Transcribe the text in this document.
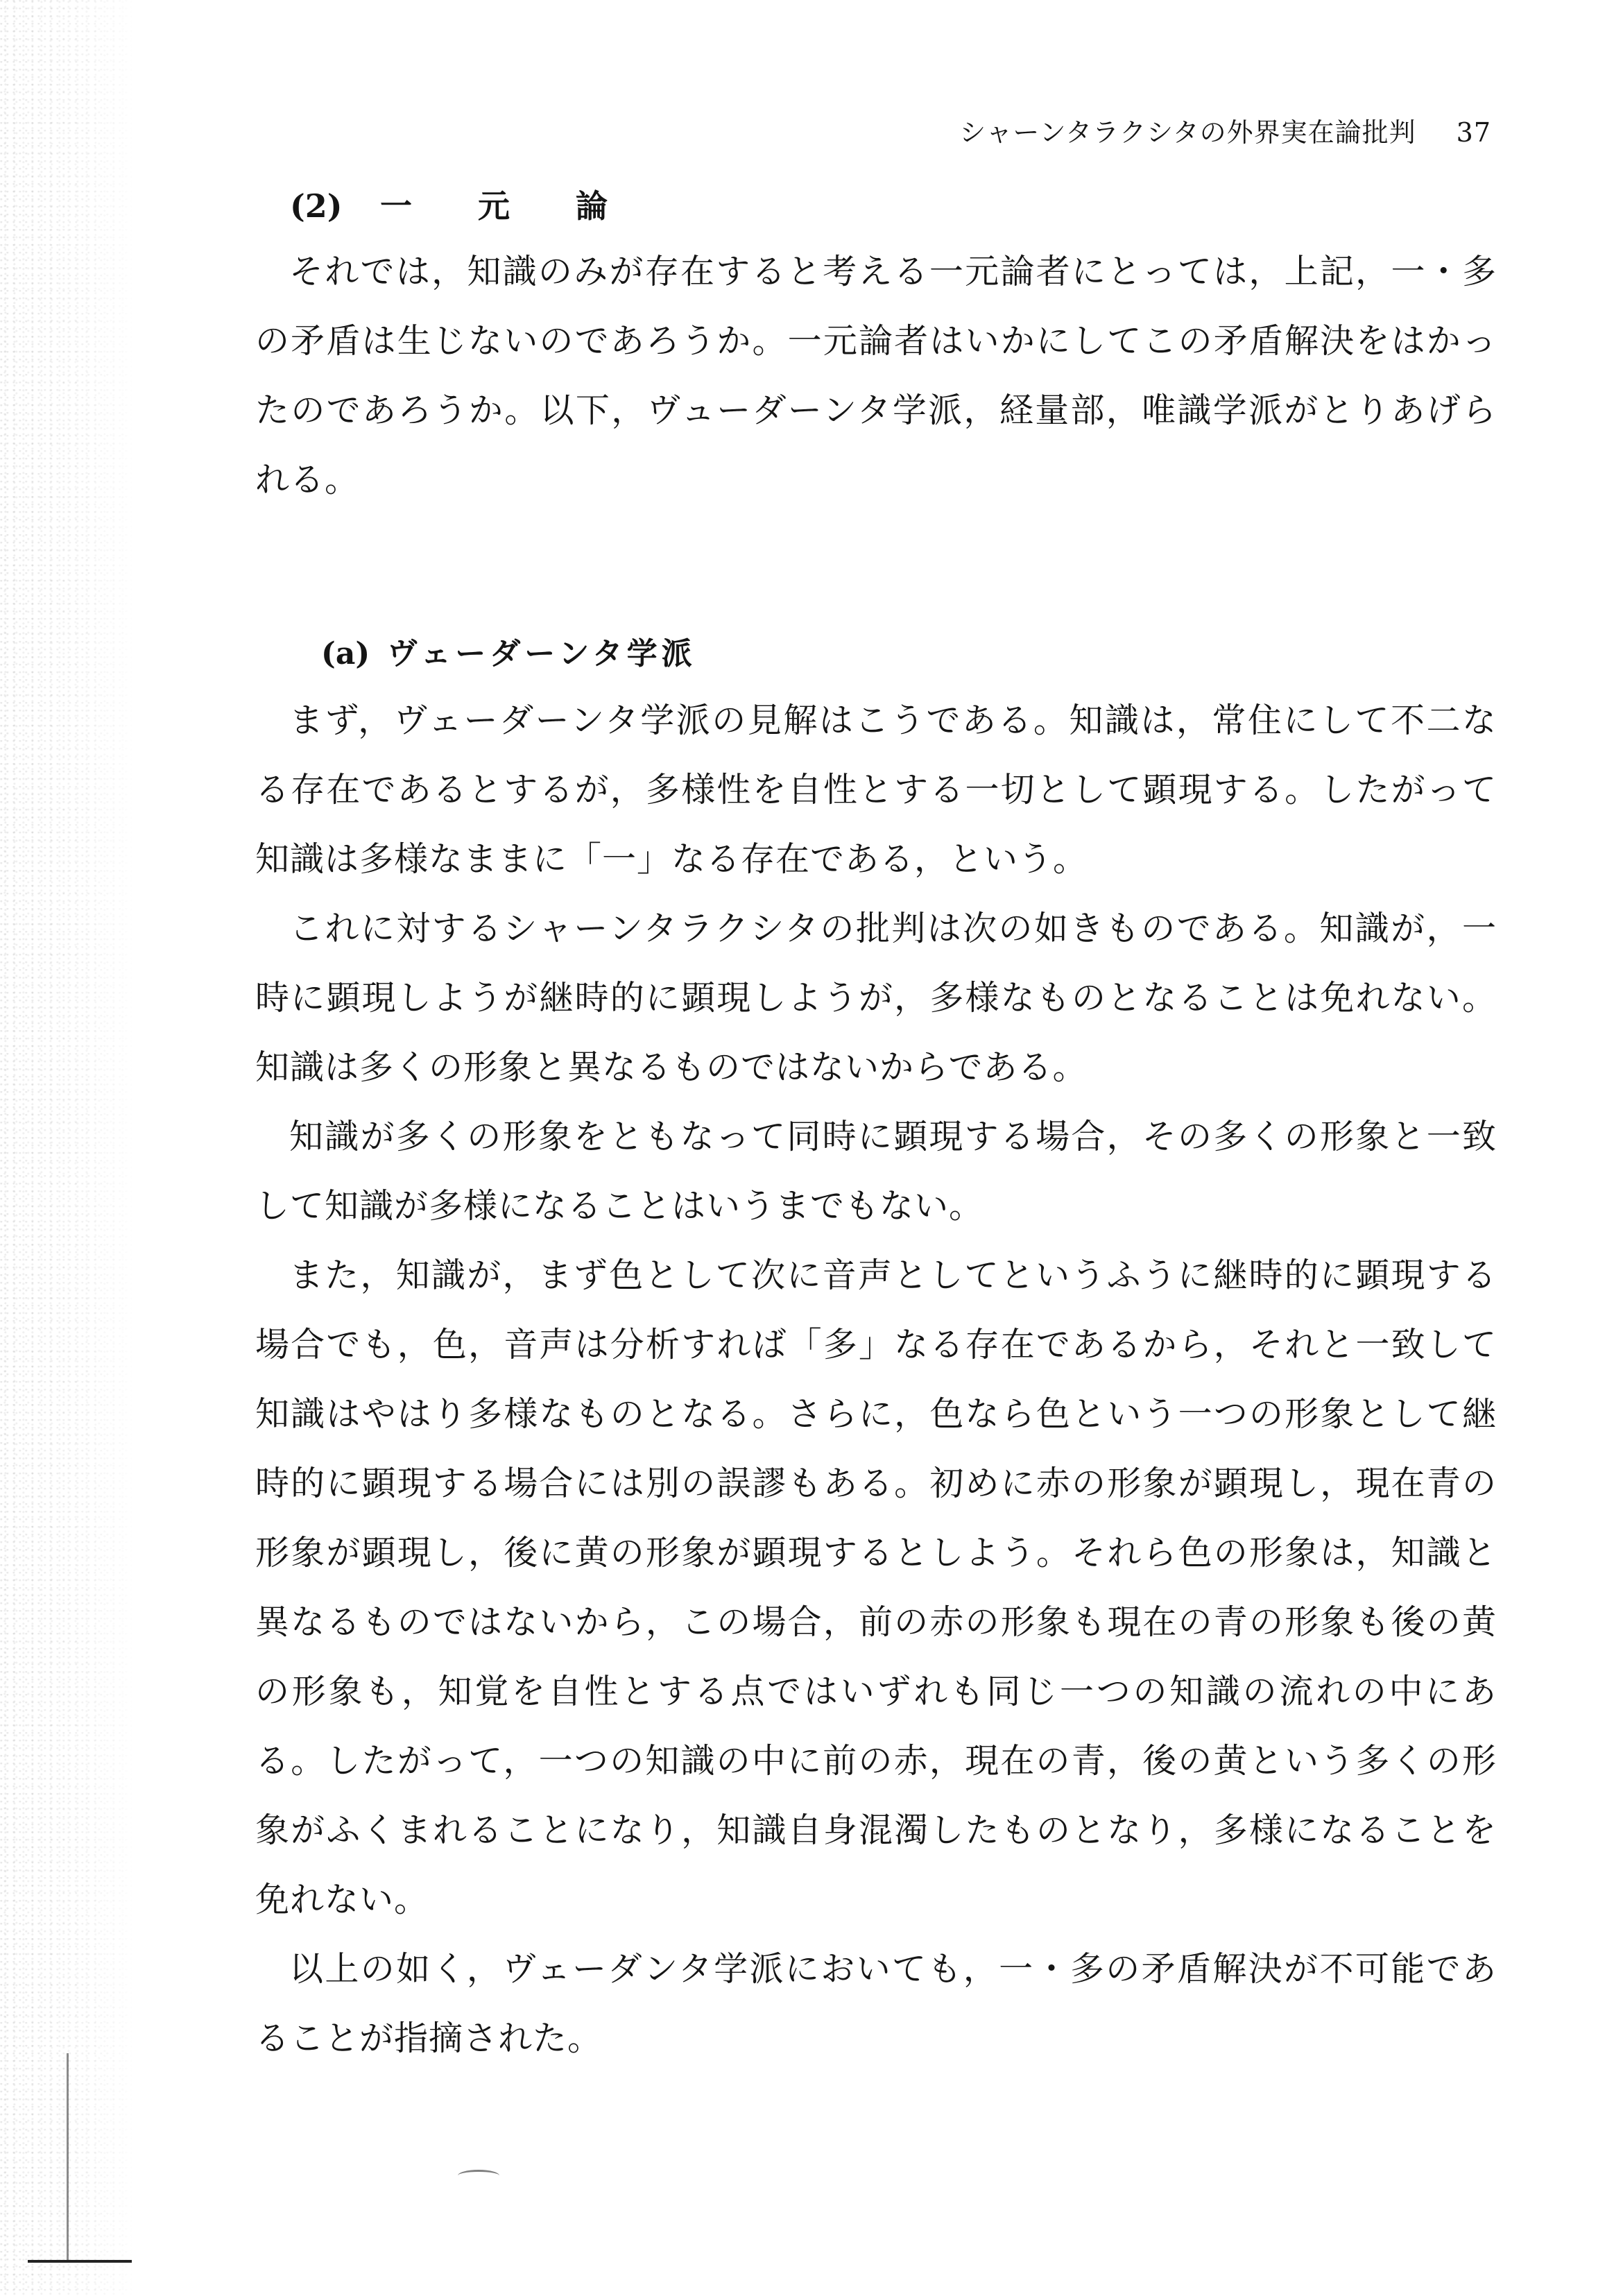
シャーンタラクシタの外界実在論批判 37
(2) 一元論

それでは，知識のみが存在すると考える一元論者にとっては，上記，一・多の矛盾は生じないのであろうか。一元論者はいかにしてこの矛盾解決をはかったのであろうか。以下，ヴューダーンタ学派，経量部，唯識学派がとりあげられる。

(a) ヴェーダーンタ学派

まず，ヴェーダーンタ学派の見解はこうである。知識は，常住にして不二なる存在であるとするが，多様性を自性とする一切として顕現する。したがって知識は多様なままに「一」なる存在である，という。

これに対するシャーンタラクシタの批判は次の如きものである。知識が，一時に顕現しようが継時的に顕現しようが，多様なものとなることは免れない。知識は多くの形象と異なるものではないからである。

知識が多くの形象をともなって同時に顕現する場合，その多くの形象と一致して知識が多様になることはいうまでもない。

また，知識が，まず色として次に音声としてというふうに継時的に顕現する場合でも，色，音声は分析すれば「多」なる存在であるから，それと一致して知識はやはり多様なものとなる。さらに，色なら色という一つの形象として継時的に顕現する場合には別の誤謬もある。初めに赤の形象が顕現し，現在青の形象が顕現し，後に黄の形象が顕現するとしよう。それら色の形象は，知識と異なるものではないから，この場合，前の赤の形象も現在の青の形象も後の黄の形象も，知覚を自性とする点ではいずれも同じ一つの知識の流れの中にある。したがって，一つの知識の中に前の赤，現在の青，後の黄という多くの形象がふくまれることになり，知識自身混濁したものとなり，多様になることを免れない。

以上の如く，ヴェーダンタ学派においても，一・多の矛盾解決が不可能であることが指摘された。
